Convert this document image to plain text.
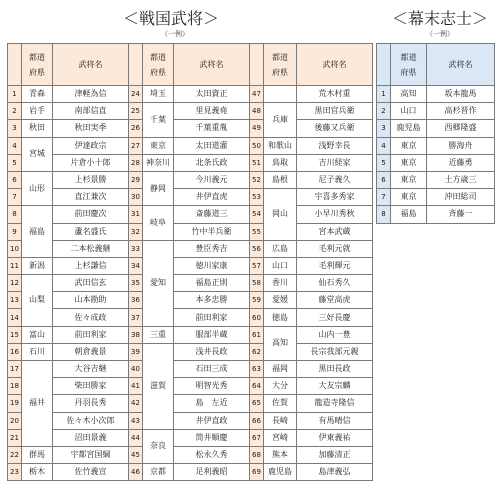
＜戦国武将＞
（一例）
＜幕末志士＞
（一例）
	都道
府県	武将名		都道
府県	武将名		都道
府県	武将名
1	青森	津軽為信	24	埼玉	太田資正	47		荒木村重
2	岩手	南部信直	25	千葉	里見義堯	48	兵庫	黒田官兵衛
3	秋田	秋田実季	26		千葉重胤	49		後藤又兵衛
4	宮城	伊達政宗	27	東京	太田道灌	50	和歌山	浅野幸長
5		片倉小十郎	28	神奈川	北条氏政	51	鳥取	吉川経家
6	山形	上杉景勝	29	静岡	今川義元	52	島根	尼子義久
7		直江兼次	30		井伊直虎	53	岡山	宇喜多秀家
8	福島	前田慶次	31	岐阜	斎藤道三	54		小早川秀秋
9		蘆名盛氏	32		竹中半兵衛	55		宮本武蔵
10		二本松義継	33	愛知	豊臣秀吉	56	広島	毛利元就
11	新潟	上杉謙信	34		徳川家康	57	山口	毛利輝元
12	山梨	武田信玄	35		福島正則	58	香川	仙石秀久
13		山本勘助	36		本多忠勝	59	愛媛	藤堂高虎
14		佐々成政	37		前田利家	60	徳島	三好長慶
15	富山	前田利家	38	三重	服部半蔵	61	高知	山内一豊
16	石川	朝倉義景	39	滋賀	浅井長政	62		長宗我部元親
17	福井	大谷吉継	40		石田三成	63	福岡	黒田長政
18		柴田勝家	41		明智光秀	64	大分	大友宗麟
19		丹羽長秀	42		島　左近	65	佐賀	龍造寺隆信
20		佐々木小次郎	43		井伊直政	66	長崎	有馬晴信
21		沼田景義	44	奈良	筒井順慶	67	宮崎	伊東義祐
22	群馬	宇都宮国綱	45		松永久秀	68	熊本	加藤清正
23	栃木	佐竹義宣	46	京都	足利義昭	69	鹿児島	島津義弘
	都道
府県	武将名
1	高知	坂本龍馬
2	山口	高杉晋作
3	鹿児島	西郷隆盛
4	東京	勝海舟
5	東京	近藤勇
6	東京	土方歳三
7	東京	沖田総司
8	福島	斉藤一
